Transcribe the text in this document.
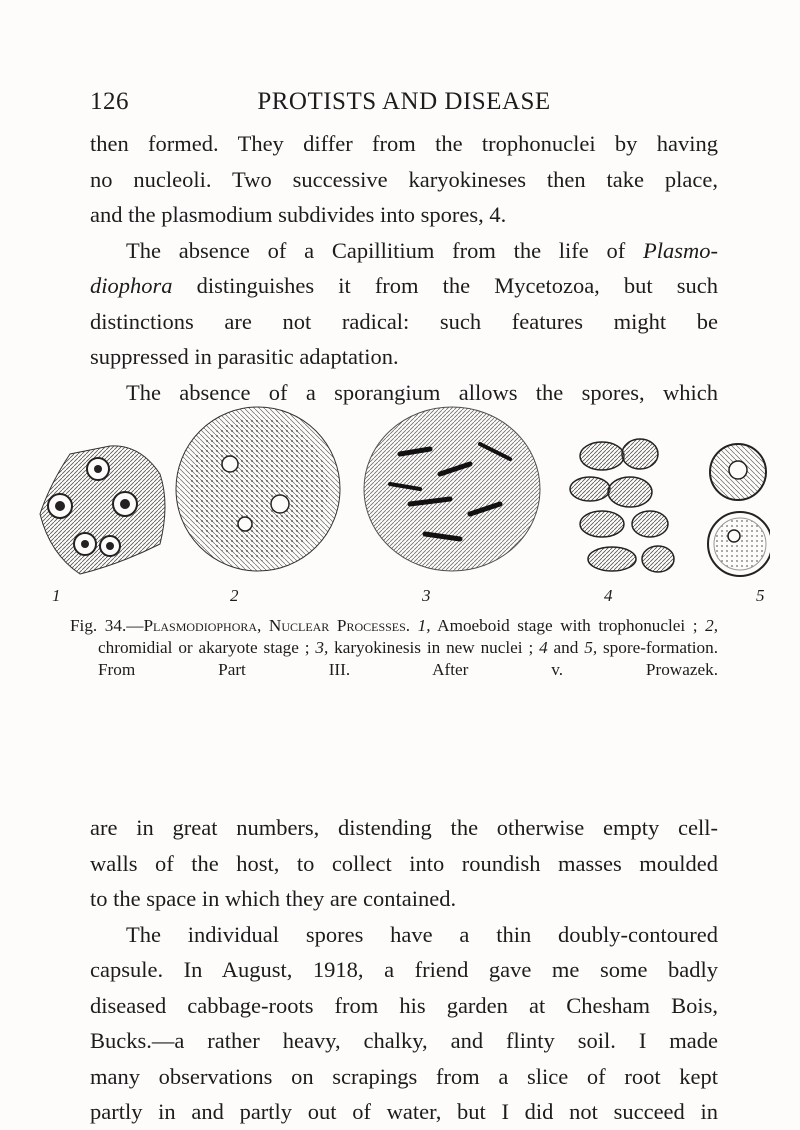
126	PROTISTS AND DISEASE
then formed. They differ from the trophonuclei by having
no nucleoli. Two successive karyokineses then take place,
and the plasmodium subdivides into spores, 4.
The absence of a Capillitium from the life of Plasmo-
diophora distinguishes it from the Mycetozoa, but such
distinctions are not radical: such features might be
suppressed in parasitic adaptation.
The absence of a sporangium allows the spores, which
1	2	3	4	5

Fig. 34.—Plasmodiophora, Nuclear Processes. 1, Amoeboid stage with trophonuclei ; 2, chromidial or akaryote stage ; 3, karyokinesis in new nuclei ; 4 and 5, spore-formation. From Part III. After v. Prowazek.

are in great numbers, distending the otherwise empty cell-
walls of the host, to collect into roundish masses moulded
to the space in which they are contained.
The individual spores have a thin doubly-contoured
capsule. In August, 1918, a friend gave me some badly
diseased cabbage-roots from his garden at Chesham Bois,
Bucks.—a rather heavy, chalky, and flinty soil. I made
many observations on scrapings from a slice of root kept
partly in and partly out of water, but I did not succeed in
